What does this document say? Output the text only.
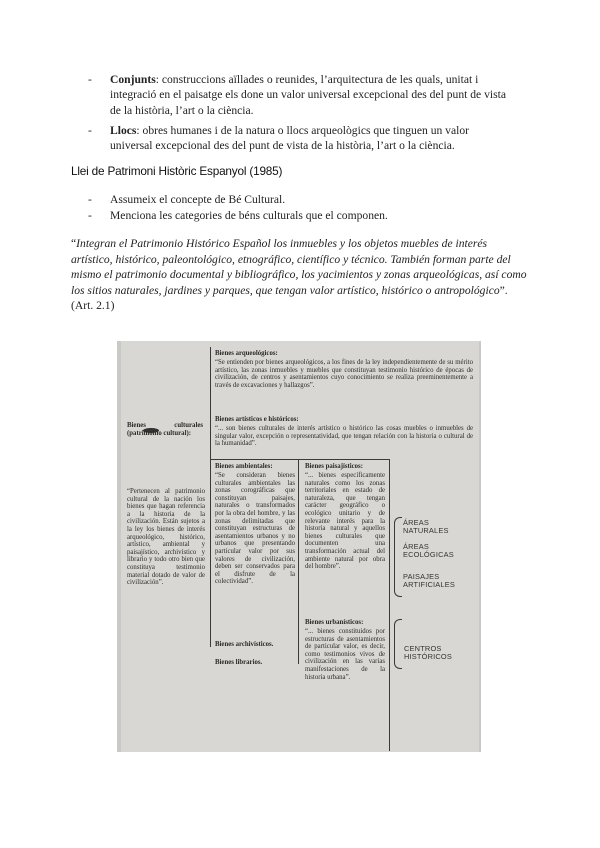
- Conjunts: construccions aïllades o reunides, l’arquitectura de les quals, unitat i integració en el paisatge els done un valor universal excepcional des del punt de vista de la història, l’art o la ciència.
- Llocs: obres humanes i de la natura o llocs arqueològics que tinguen un valor universal excepcional des del punt de vista de la història, l’art o la ciència.
Llei de Patrimoni Històric Espanyol (1985)
- Assumeix el concepte de Bé Cultural.
- Menciona les categories de béns culturals que el componen.
“Integran el Patrimonio Histórico Español los inmuebles y los objetos muebles de interés artístico, histórico, paleontológico, etnográfico, científico y técnico. También forman parte del mismo el patrimonio documental y bibliográfico, los yacimientos y zonas arqueológicas, así como los sitios naturales, jardines y parques, que tengan valor artístico, histórico o antropológico”. (Art. 2.1)
Bienes arqueológicos:
“Se entienden por bienes arqueológicos, a los fines de la ley independientemente de su mérito artístico, las zonas inmuebles y muebles que constituyan testimonio histórico de épocas de civilización, de centros y asentamientos cuyo conocimiento se realiza preeminentemente a través de excavaciones y hallazgos”.
Bienes artísticos e históricos:
“... son bienes culturales de interés artístico o histórico las cosas muebles o inmuebles de singular valor, excepción o representatividad, que tengan relación con la historia o cultural de la humanidad”.
Bienes culturales (patrimonio cultural):
“Pertenecen al patrimonio cultural de la nación los bienes que hagan referencia a la historia de la civilización. Están sujetos a la ley los bienes de interés arqueológico, histórico, artístico, ambiental y paisajístico, archivístico y librario y todo otro bien que constituya testimonio material dotado de valor de civilización”.
Bienes ambientales:
“Se consideran bienes culturales ambientales las zonas corográficas que constituyan paisajes, naturales o transformados por la obra del hombre, y las zonas delimitadas que constituyan estructuras de asentamientos urbanos y no urbanos que presentando particular valor por sus valores de civilización, deben ser conservados para el disfrute de la colectividad”.
Bienes archivísticos.
Bienes librarios.
Bienes paisajísticos:
“... bienes específicamente naturales como los zonas territoriales en estado de naturaleza, que tengan carácter geográfico o ecológico unitario y de relevante interés para la historia natural y aquellos bienes culturales que documenten una transformación actual del ambiente natural por obra del hombre”.
Bienes urbanísticos:
“... bienes constituidos por estructuras de asentamientos de particular valor, es decir, como testimonios vivos de civilización en las varias manifestaciones de la historia urbana”.
ÁREAS NATURALES
ÁREAS ECOLÓGICAS
PAISAJES ARTIFICIALES
CENTROS HISTÓRICOS
